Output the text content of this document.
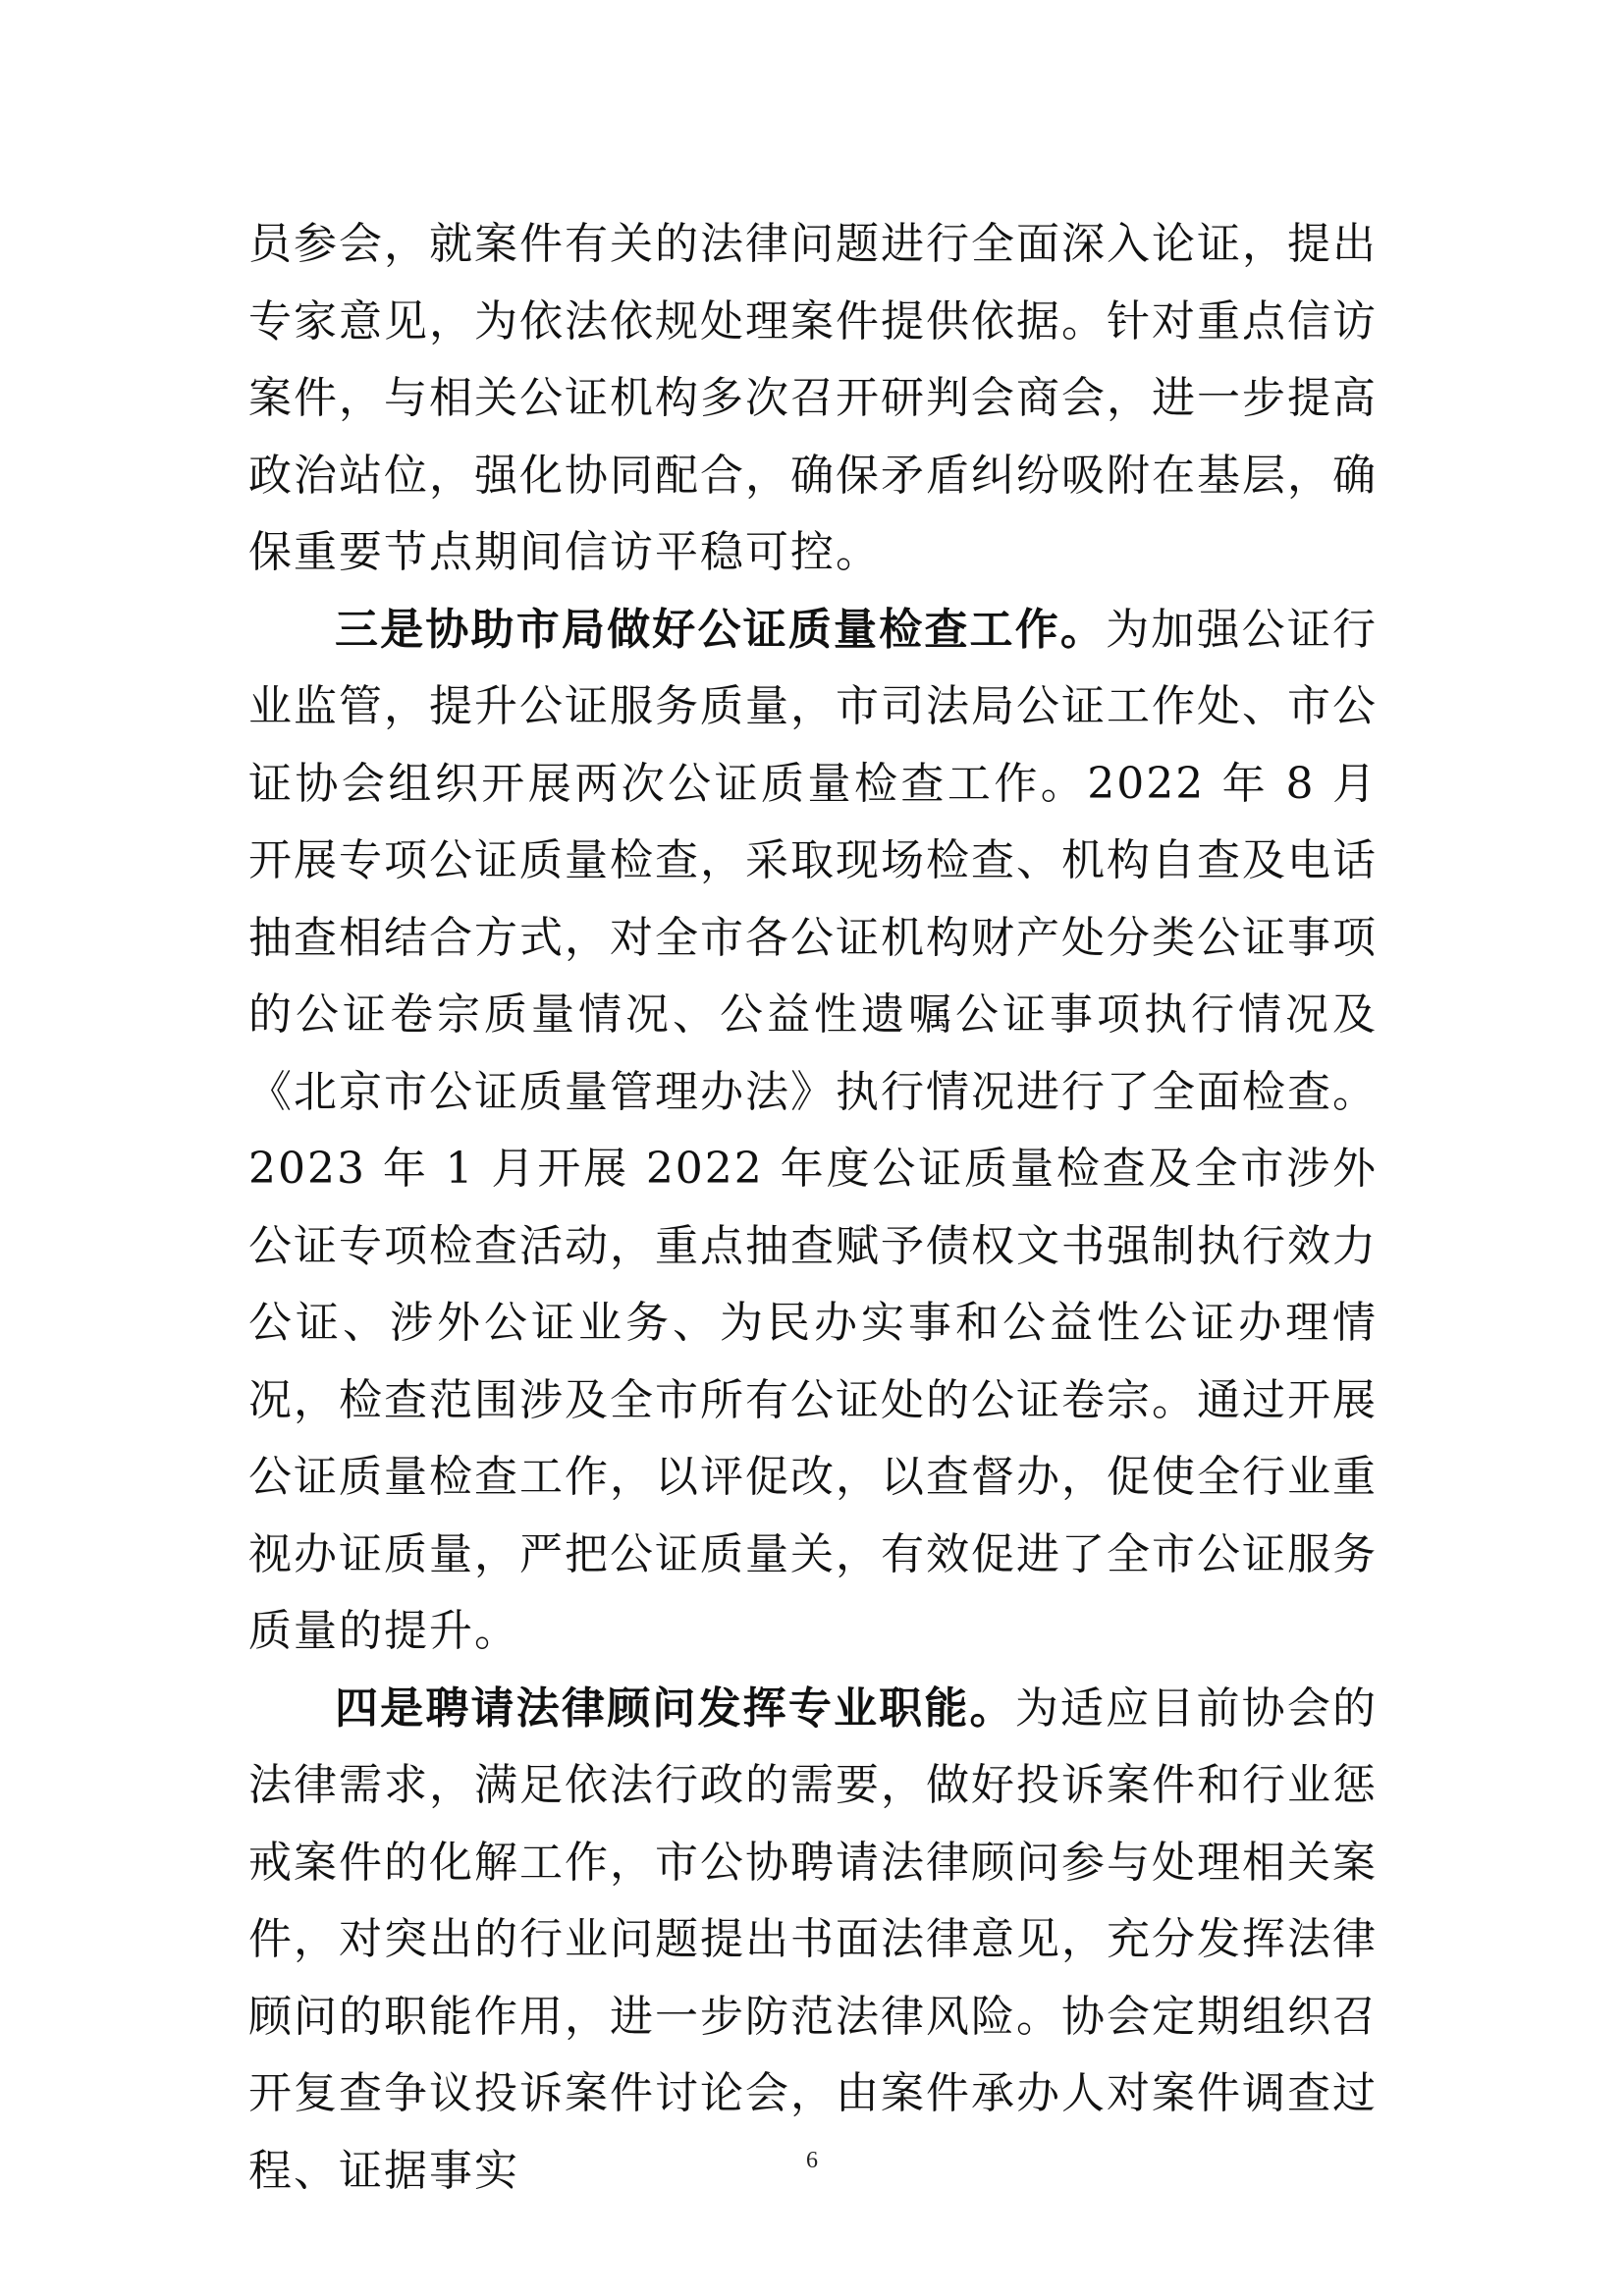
员参会，就案件有关的法律问题进行全面深入论证，提出专家意见，为依法依规处理案件提供依据。针对重点信访案件，与相关公证机构多次召开研判会商会，进一步提高政治站位，强化协同配合，确保矛盾纠纷吸附在基层，确保重要节点期间信访平稳可控。

三是协助市局做好公证质量检查工作。为加强公证行业监管，提升公证服务质量，市司法局公证工作处、市公证协会组织开展两次公证质量检查工作。2022 年 8 月开展专项公证质量检查，采取现场检查、机构自查及电话抽查相结合方式，对全市各公证机构财产处分类公证事项的公证卷宗质量情况、公益性遗嘱公证事项执行情况及《北京市公证质量管理办法》执行情况进行了全面检查。2023 年 1 月开展 2022 年度公证质量检查及全市涉外公证专项检查活动，重点抽查赋予债权文书强制执行效力公证、涉外公证业务、为民办实事和公益性公证办理情况，检查范围涉及全市所有公证处的公证卷宗。通过开展公证质量检查工作，以评促改，以查督办，促使全行业重视办证质量，严把公证质量关，有效促进了全市公证服务质量的提升。

四是聘请法律顾问发挥专业职能。为适应目前协会的法律需求，满足依法行政的需要，做好投诉案件和行业惩戒案件的化解工作，市公协聘请法律顾问参与处理相关案件，对突出的行业问题提出书面法律意见，充分发挥法律顾问的职能作用，进一步防范法律风险。协会定期组织召开复查争议投诉案件讨论会，由案件承办人对案件调查过程、证据事实	6
